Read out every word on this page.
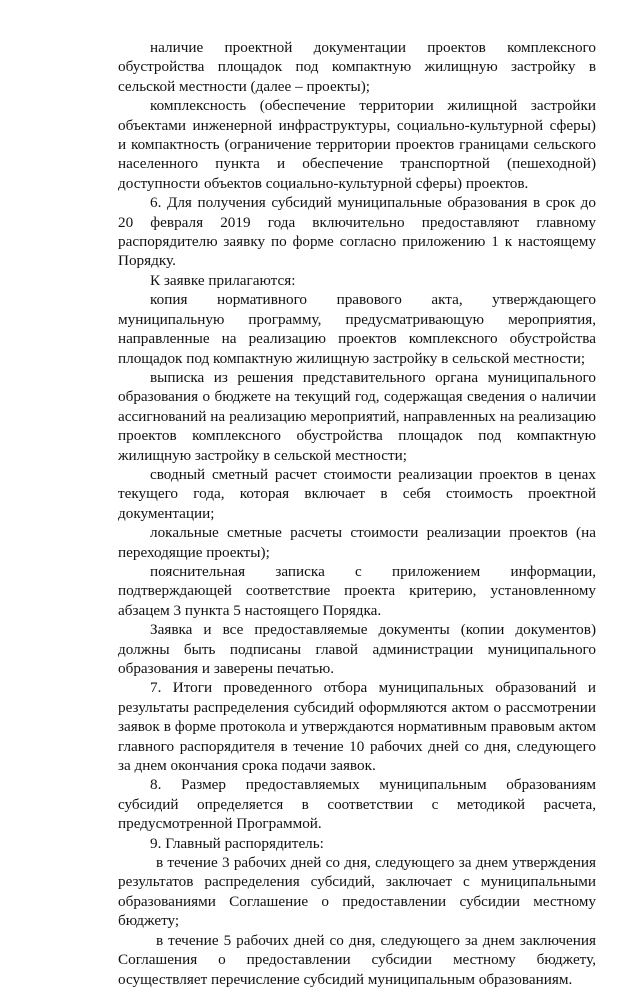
наличие проектной документации проектов комплексного обустройства площадок под компактную жилищную застройку в сельской местности (далее – проекты);

комплексность (обеспечение территории жилищной застройки объектами инженерной инфраструктуры, социально-культурной сферы) и компактность (ограничение территории проектов границами сельского населенного пункта и обеспечение транспортной (пешеходной) доступности объектов социально-культурной сферы) проектов.

6. Для получения субсидий муниципальные образования в срок до 20 февраля 2019 года включительно предоставляют главному распорядителю заявку по форме согласно приложению 1 к настоящему Порядку.

К заявке прилагаются:

копия нормативного правового акта, утверждающего муниципальную программу, предусматривающую мероприятия, направленные на реализацию проектов комплексного обустройства площадок под компактную жилищную застройку в сельской местности;

выписка из решения представительного органа муниципального образования о бюджете на текущий год, содержащая сведения о наличии ассигнований на реализацию мероприятий, направленных на реализацию проектов комплексного обустройства площадок под компактную жилищную застройку в сельской местности;

сводный сметный расчет стоимости реализации проектов в ценах текущего года, которая включает в себя стоимость проектной документации;

локальные сметные расчеты стоимости реализации проектов (на переходящие проекты);

пояснительная записка с приложением информации, подтверждающей соответствие проекта критерию, установленному абзацем 3 пункта 5 настоящего Порядка.

Заявка и все предоставляемые документы (копии документов) должны быть подписаны главой администрации муниципального образования и заверены печатью.

7. Итоги проведенного отбора муниципальных образований и результаты распределения субсидий оформляются актом о рассмотрении заявок в форме протокола и утверждаются нормативным правовым актом главного распорядителя в течение 10 рабочих дней со дня, следующего за днем окончания срока подачи заявок.

8. Размер предоставляемых муниципальным образованиям субсидий определяется в соответствии с методикой расчета, предусмотренной Программой.

9. Главный распорядитель:

в течение 3 рабочих дней со дня, следующего за днем утверждения результатов распределения субсидий, заключает с муниципальными образованиями Соглашение о предоставлении субсидии местному бюджету;

в течение 5 рабочих дней со дня, следующего за днем заключения Соглашения о предоставлении субсидии местному бюджету, осуществляет перечисление субсидий муниципальным образованиям.
